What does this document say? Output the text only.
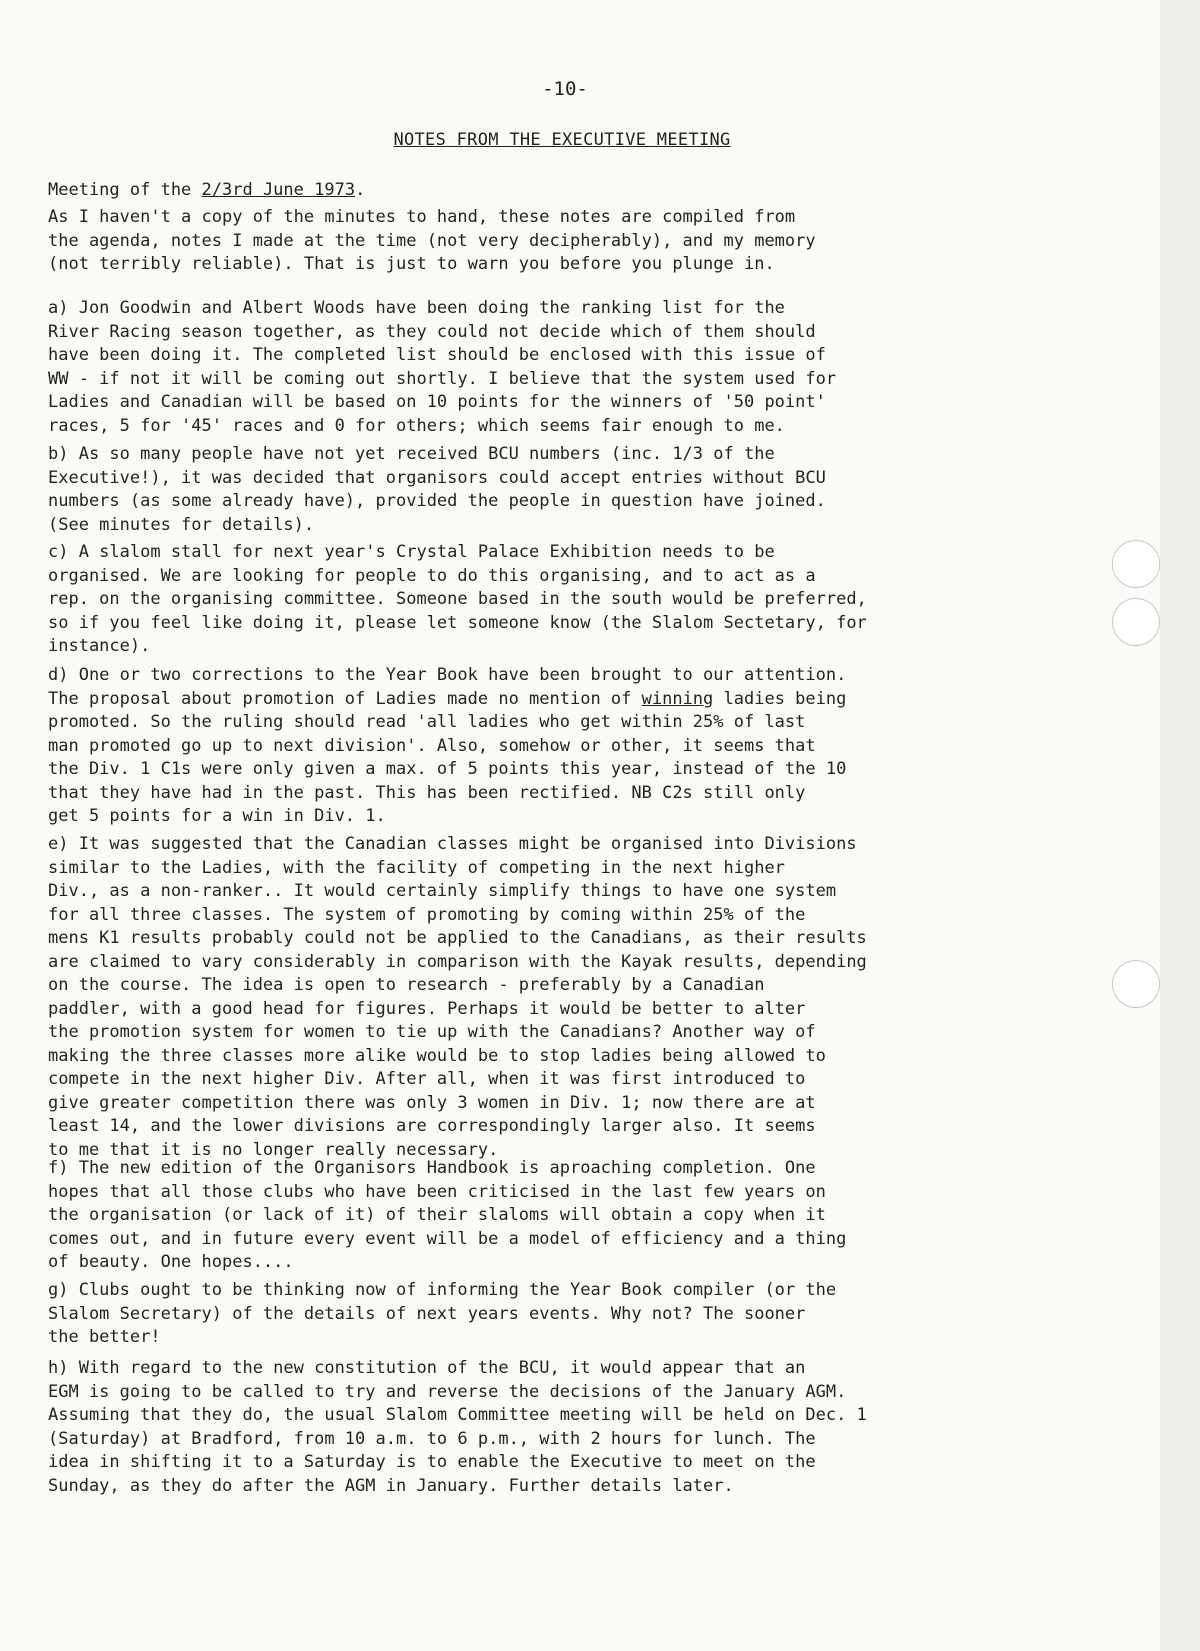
-10-
NOTES FROM THE EXECUTIVE MEETING
Meeting of the 2/3rd June 1973.

As I haven't a copy of the minutes to hand, these notes are compiled from
the agenda, notes I made at the time (not very decipherably), and my memory
(not terribly reliable). That is just to warn you before you plunge in.

a) Jon Goodwin and Albert Woods have been doing the ranking list for the
River Racing season together, as they could not decide which of them should
have been doing it. The completed list should be enclosed with this issue of
WW - if not it will be coming out shortly. I believe that the system used for
Ladies and Canadian will be based on 10 points for the winners of '50 point'
races, 5 for '45' races and 0 for others; which seems fair enough to me.

b) As so many people have not yet received BCU numbers (inc. 1/3 of the
Executive!), it was decided that organisors could accept entries without BCU
numbers (as some already have), provided the people in question have joined.
(See minutes for details).

c) A slalom stall for next year's Crystal Palace Exhibition needs to be
organised. We are looking for people to do this organising, and to act as a
rep. on the organising committee. Someone based in the south would be preferred,
so if you feel like doing it, please let someone know (the Slalom Sectetary, for
instance).

d) One or two corrections to the Year Book have been brought to our attention.
The proposal about promotion of Ladies made no mention of winning ladies being
promoted. So the ruling should read 'all ladies who get within 25% of last
man promoted go up to next division'. Also, somehow or other, it seems that
the Div. 1 C1s were only given a max. of 5 points this year, instead of the 10
that they have had in the past. This has been rectified. NB C2s still only
get 5 points for a win in Div. 1.

e) It was suggested that the Canadian classes might be organised into Divisions
similar to the Ladies, with the facility of competing in the next higher
Div., as a non-ranker.. It would certainly simplify things to have one system
for all three classes. The system of promoting by coming within 25% of the
mens K1 results probably could not be applied to the Canadians, as their results
are claimed to vary considerably in comparison with the Kayak results, depending
on the course. The idea is open to research - preferably by a Canadian
paddler, with a good head for figures. Perhaps it would be better to alter
the promotion system for women to tie up with the Canadians? Another way of
making the three classes more alike would be to stop ladies being allowed to
compete in the next higher Div. After all, when it was first introduced to
give greater competition there was only 3 women in Div. 1; now there are at
least 14, and the lower divisions are correspondingly larger also. It seems
to me that it is no longer really necessary.

f) The new edition of the Organisors Handbook is aproaching completion. One
hopes that all those clubs who have been criticised in the last few years on
the organisation (or lack of it) of their slaloms will obtain a copy when it
comes out, and in future every event will be a model of efficiency and a thing
of beauty. One hopes....

g) Clubs ought to be thinking now of informing the Year Book compiler (or the
Slalom Secretary) of the details of next years events. Why not? The sooner
the better!

h) With regard to the new constitution of the BCU, it would appear that an
EGM is going to be called to try and reverse the decisions of the January AGM.
Assuming that they do, the usual Slalom Committee meeting will be held on Dec. 1
(Saturday) at Bradford, from 10 a.m. to 6 p.m., with 2 hours for lunch. The
idea in shifting it to a Saturday is to enable the Executive to meet on the
Sunday, as they do after the AGM in January. Further details later.
